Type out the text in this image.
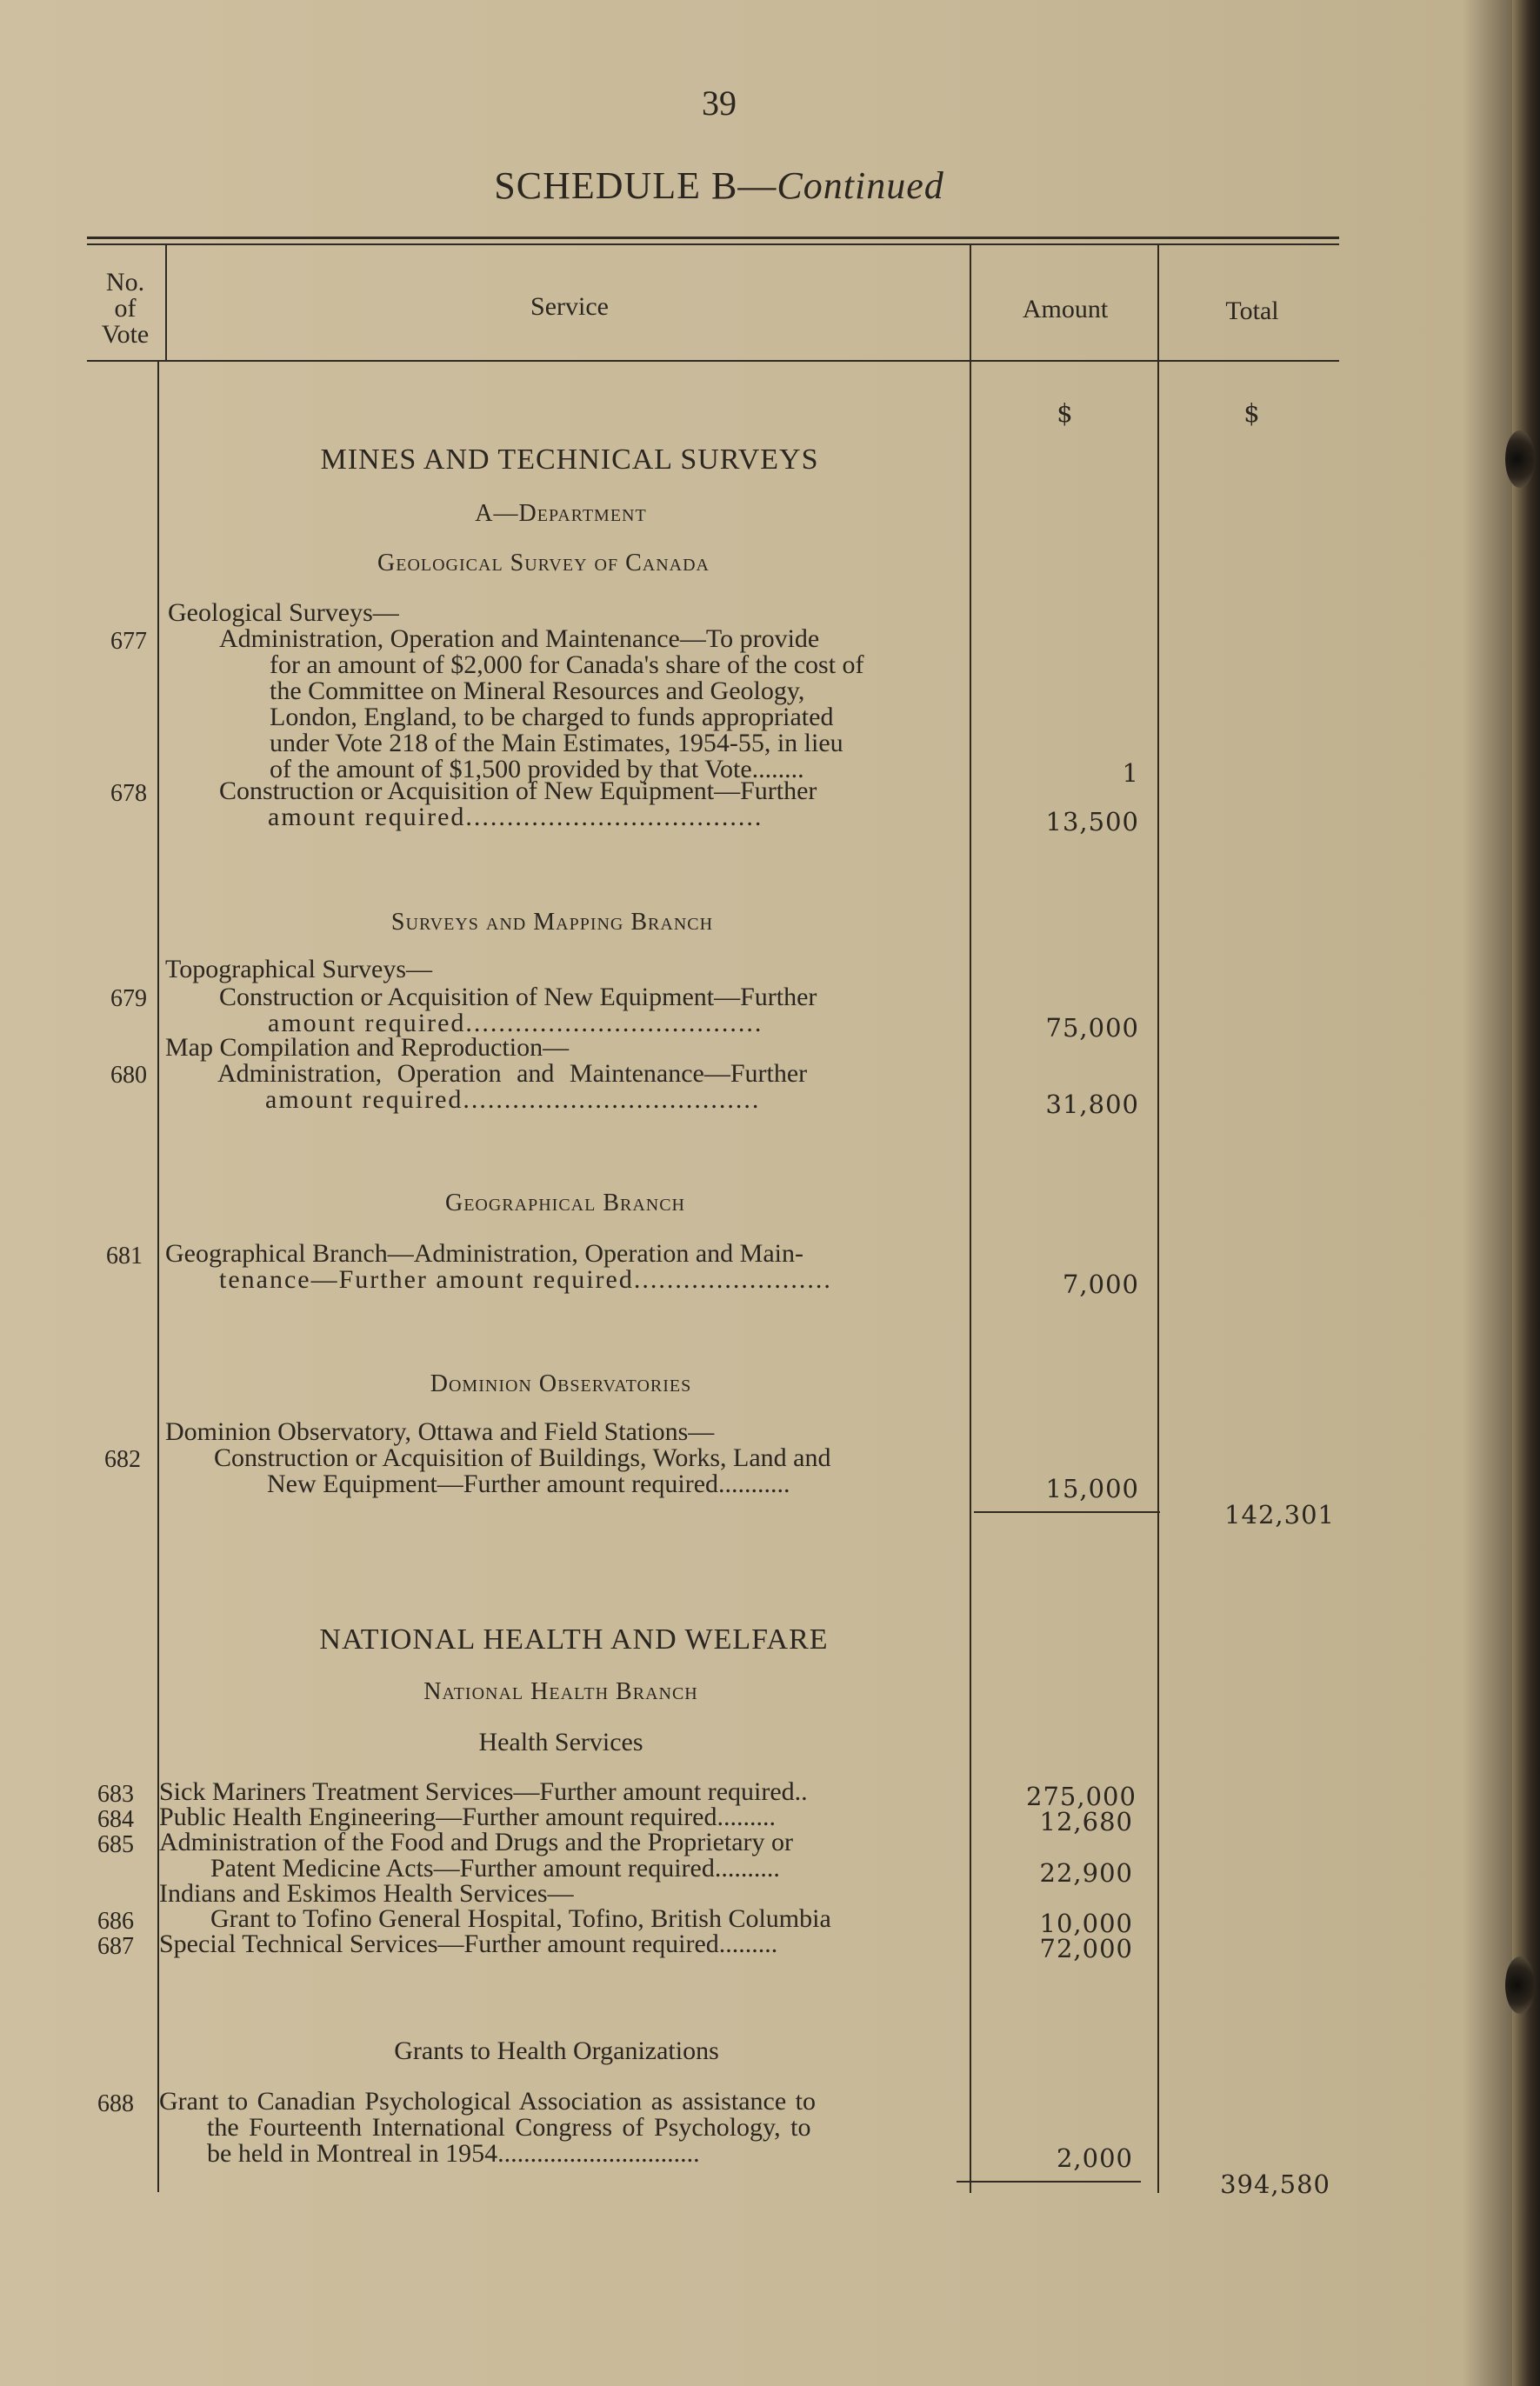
39
SCHEDULE B—Continued
No.
of
Vote
Service	Amount	Total
$	$
MINES AND TECHNICAL SURVEYS
A—Department
Geological Survey of Canada
Geological Surveys—
677	Administration, Operation and Maintenance—To provide
for an amount of $2,000 for Canada's share of the cost of
the Committee on Mineral Resources and Geology,
London, England, to be charged to funds appropriated
under Vote 218 of the Main Estimates, 1954-55, in lieu
of the amount of $1,500 provided by that Vote........	1
678	Construction or Acquisition of New Equipment—Further
amount required....................................	13,500
Surveys and Mapping Branch
Topographical Surveys—
679	Construction or Acquisition of New Equipment—Further
amount required....................................	75,000
Map Compilation and Reproduction—
680	Administration, Operation and Maintenance—Further
amount required....................................	31,800
Geographical Branch
681 Geographical Branch—Administration, Operation and Main-
tenance—Further amount required........................	7,000
Dominion Observatories
Dominion Observatory, Ottawa and Field Stations—
682	Construction or Acquisition of Buildings, Works, Land and
New Equipment—Further amount required...........	15,000
142,301
NATIONAL HEALTH AND WELFARE
National Health Branch
Health Services
683 Sick Mariners Treatment Services—Further amount required..	275,000
684 Public Health Engineering—Further amount required.........	12,680
685 Administration of the Food and Drugs and the Proprietary or
Patent Medicine Acts—Further amount required..........	22,900
Indians and Eskimos Health Services—
686	Grant to Tofino General Hospital, Tofino, British Columbia	10,000
687 Special Technical Services—Further amount required.........	72,000
Grants to Health Organizations
688 Grant to Canadian Psychological Association as assistance to
the Fourteenth International Congress of Psychology, to
be held in Montreal in 1954...............................	2,000
394,580
